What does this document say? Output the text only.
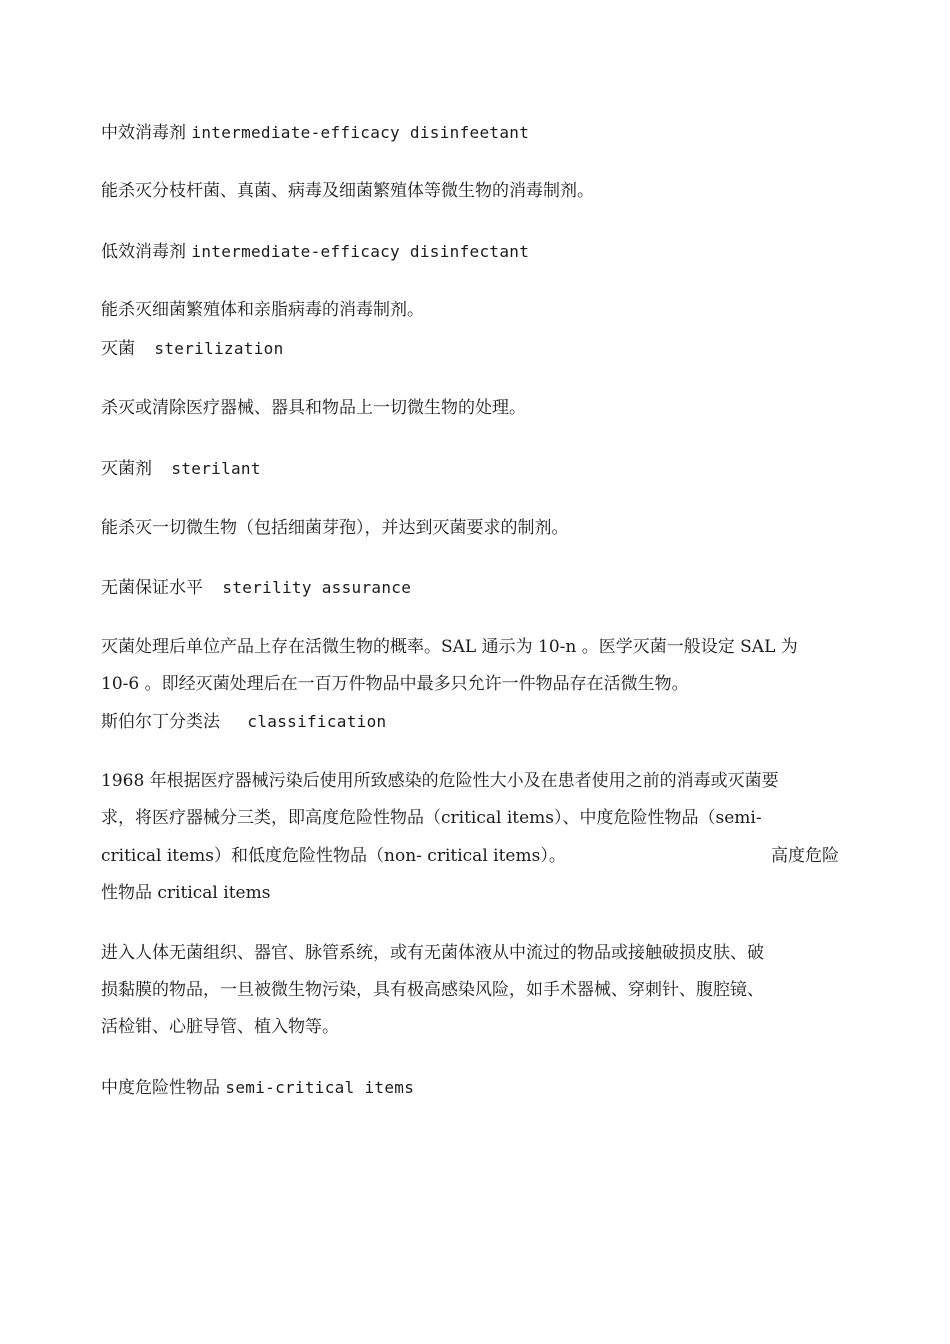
中效消毒剂 intermediate-efficacy disinfeetant
能杀灭分枝杆菌、真菌、病毒及细菌繁殖体等微生物的消毒制剂。
低效消毒剂 intermediate-efficacy disinfectant
能杀灭细菌繁殖体和亲脂病毒的消毒制剂。
灭菌 sterilization
杀灭或清除医疗器械、器具和物品上一切微生物的处理。
灭菌剂 sterilant
能杀灭一切微生物（包括细菌芽孢），并达到灭菌要求的制剂。
无菌保证水平 sterility assurance
灭菌处理后单位产品上存在活微生物的概率。SAL 通示为 10-n 。医学灭菌一般设定 SAL 为
10-6 。即经灭菌处理后在一百万件物品中最多只允许一件物品存在活微生物。
斯伯尔丁分类法 classification
1968 年根据医疗器械污染后使用所致感染的危险性大小及在患者使用之前的消毒或灭菌要
求，将医疗器械分三类，即高度危险性物品（critical items）、中度危险性物品（semi-
critical items）和低度危险性物品（non- critical items）。	高度危险
性物品 critical items
进入人体无菌组织、器官、脉管系统，或有无菌体液从中流过的物品或接触破损皮肤、破
损黏膜的物品，一旦被微生物污染，具有极高感染风险，如手术器械、穿刺针、腹腔镜、
活检钳、心脏导管、植入物等。
中度危险性物品 semi-critical items
